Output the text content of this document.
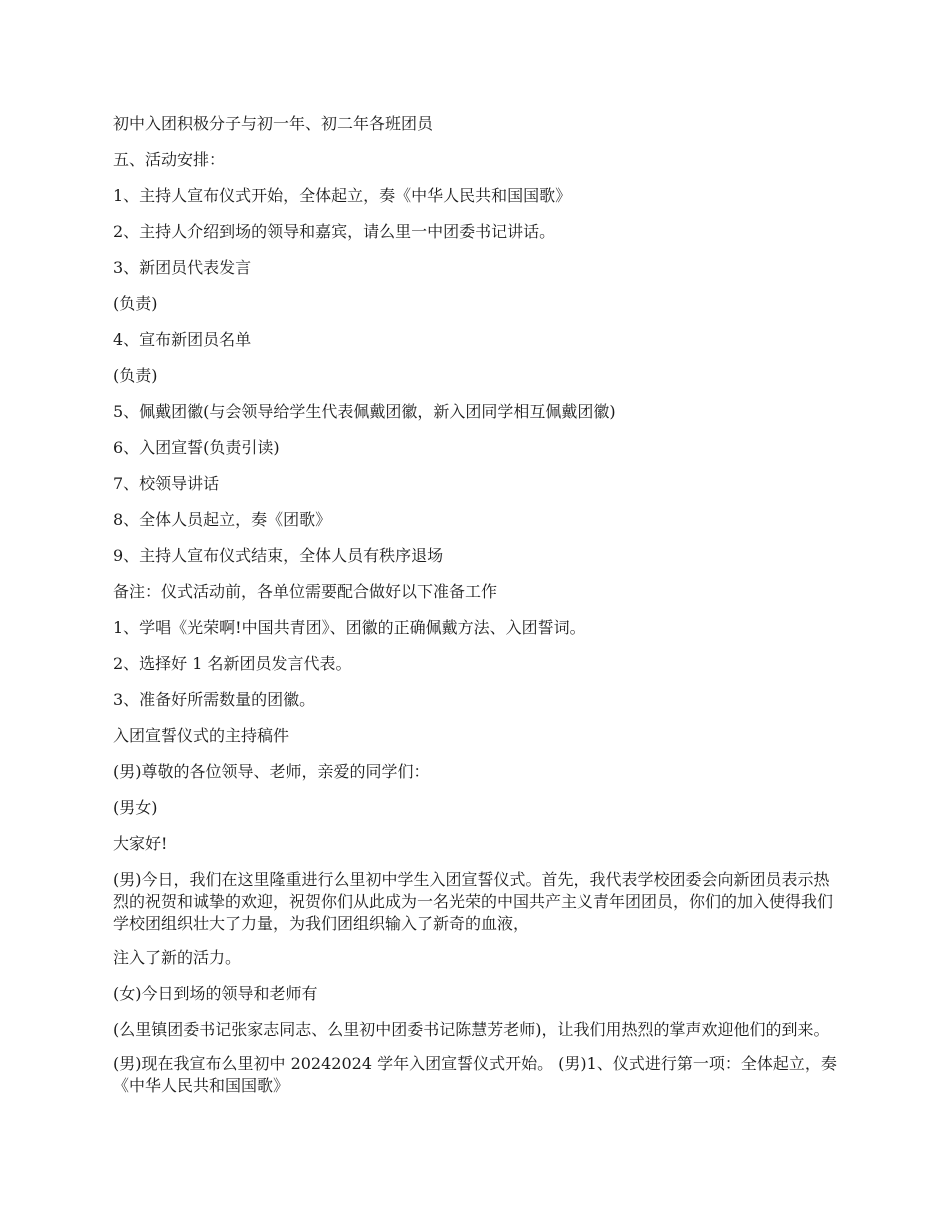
初中入团积极分子与初一年、初二年各班团员

五、活动安排：

1、主持人宣布仪式开始，全体起立，奏《中华人民共和国国歌》

2、主持人介绍到场的领导和嘉宾，请么里一中团委书记讲话。

3、新团员代表发言

(负责)

4、宣布新团员名单

(负责)

5、佩戴团徽(与会领导给学生代表佩戴团徽，新入团同学相互佩戴团徽)

6、入团宣誓(负责引读)

7、校领导讲话

8、全体人员起立，奏《团歌》

9、主持人宣布仪式结束，全体人员有秩序退场

备注：仪式活动前，各单位需要配合做好以下准备工作

1、学唱《光荣啊!中国共青团》、团徽的正确佩戴方法、入团誓词。

2、选择好 1 名新团员发言代表。

3、准备好所需数量的团徽。

入团宣誓仪式的主持稿件

(男)尊敬的各位领导、老师，亲爱的同学们：

(男女)

大家好!

(男)今日，我们在这里隆重进行么里初中学生入团宣誓仪式。首先，我代表学校团委会向新团员表示热烈的祝贺和诚挚的欢迎，祝贺你们从此成为一名光荣的中国共产主义青年团团员，你们的加入使得我们学校团组织壮大了力量，为我们团组织输入了新奇的血液，

注入了新的活力。

(女)今日到场的领导和老师有

(么里镇团委书记张家志同志、么里初中团委书记陈慧芳老师)，让我们用热烈的掌声欢迎他们的到来。

(男)现在我宣布么里初中 20242024 学年入团宣誓仪式开始。 (男)1、仪式进行第一项：全体起立，奏《中华人民共和国国歌》
